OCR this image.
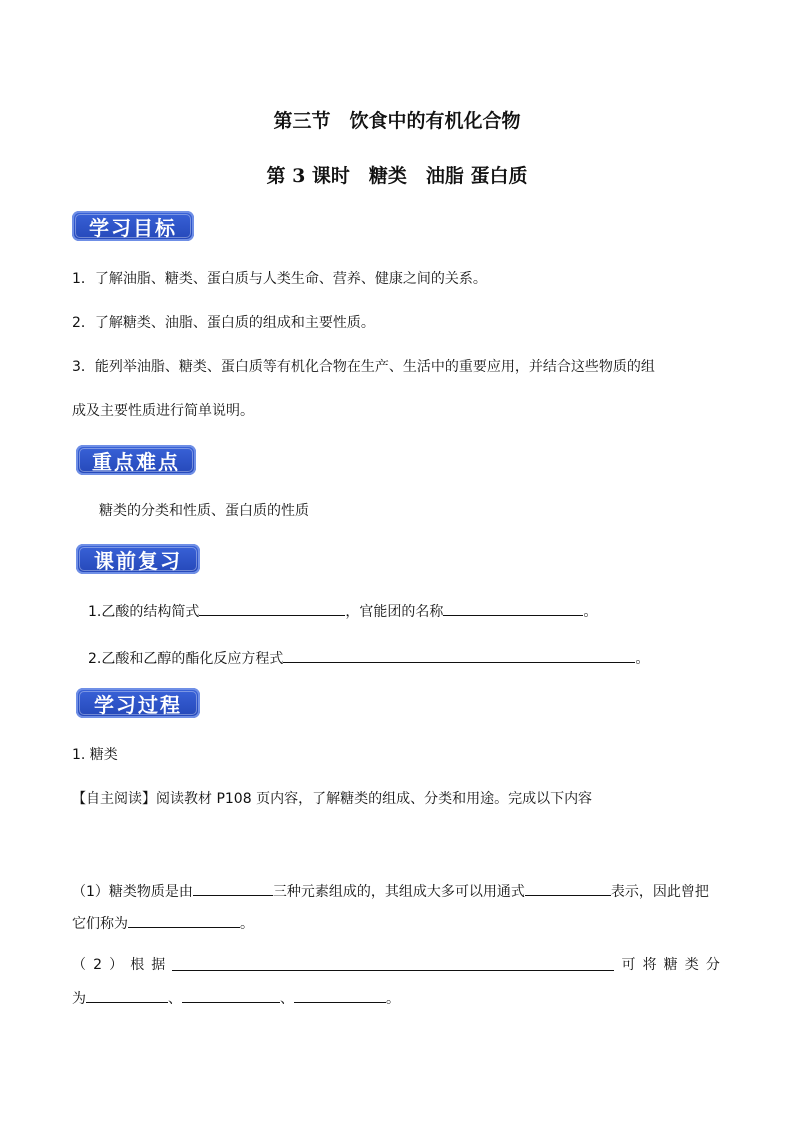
第三节　饮食中的有机化合物
第 3 课时　糖类　油脂 蛋白质
学习目标
1．了解油脂、糖类、蛋白质与人类生命、营养、健康之间的关系。
2．了解糖类、油脂、蛋白质的组成和主要性质。
3．能列举油脂、糖类、蛋白质等有机化合物在生产、生活中的重要应用，并结合这些物质的组
成及主要性质进行简单说明。
重点难点
糖类的分类和性质、蛋白质的性质
课前复习
1.乙酸的结构简式	，官能团的名称	。
2.乙酸和乙醇的酯化反应方程式	。
学习过程
1. 糖类
【自主阅读】阅读教材 P108 页内容，了解糖类的组成、分类和用途。完成以下内容
（1）糖类物质是由	三种元素组成的，其组成大多可以用通式	表示，因此曾把
它们称为	。
（ 2 ） 根 据	可 将 糖 类 分
为	、	、	。
